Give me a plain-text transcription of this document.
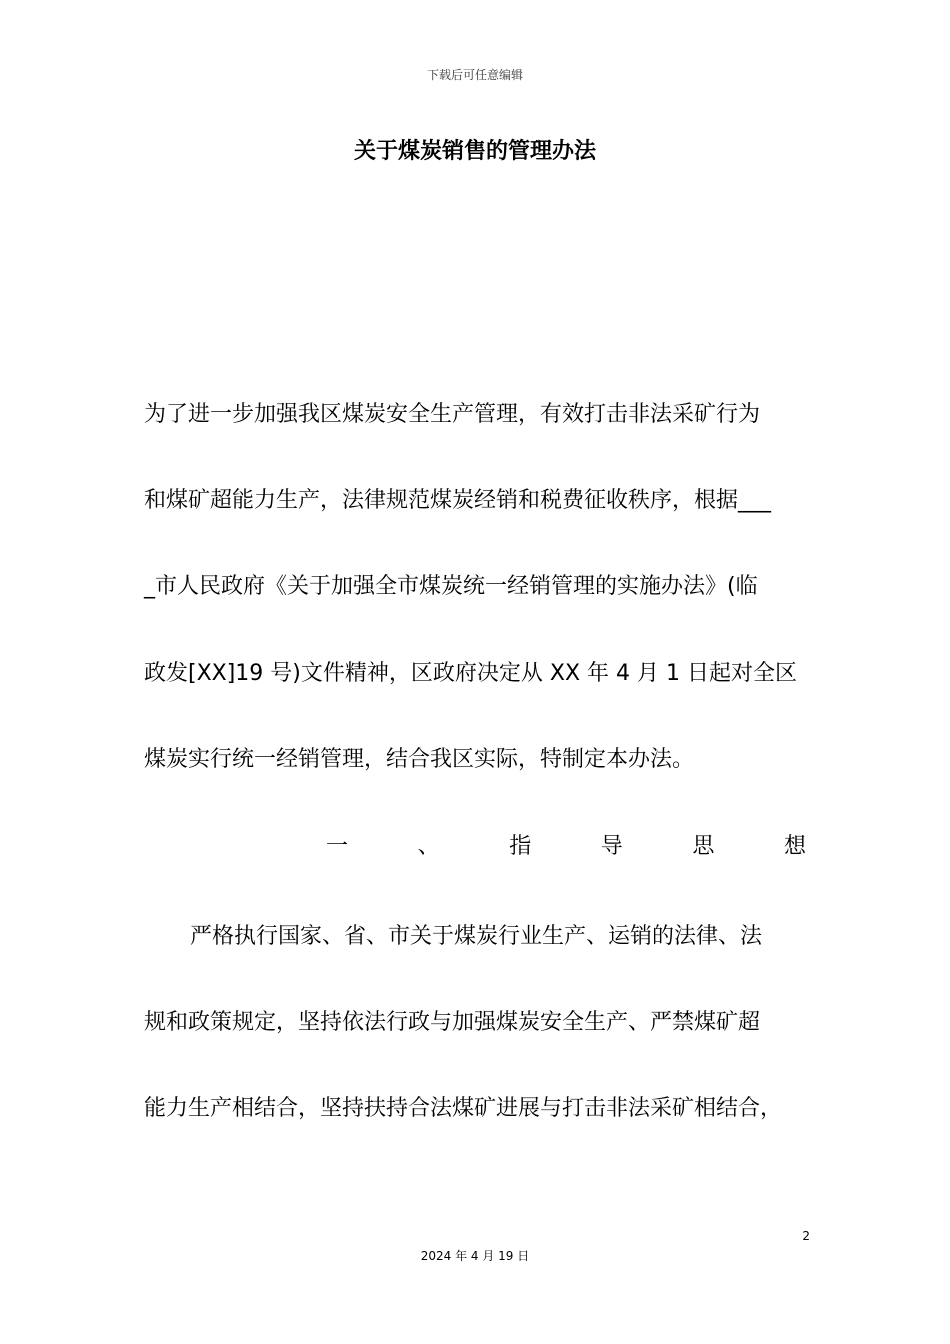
下载后可任意编辑
关于煤炭销售的管理办法

为了进一步加强我区煤炭安全生产管理，有效打击非法采矿行为

和煤矿超能力生产，法律规范煤炭经销和税费征收秩序，根据___

_市人民政府《关于加强全市煤炭统一经销管理的实施办法》(临

政发[XX]19 号)文件精神，区政府决定从 XX 年 4 月 1 日起对全区

煤炭实行统一经销管理，结合我区实际，特制定本办法。

一	、	指	导	思	想

严格执行国家、省、市关于煤炭行业生产、运销的法律、法

规和政策规定，坚持依法行政与加强煤炭安全生产、严禁煤矿超

能力生产相结合，坚持扶持合法煤矿进展与打击非法采矿相结合，

2
2024 年 4 月 19 日
